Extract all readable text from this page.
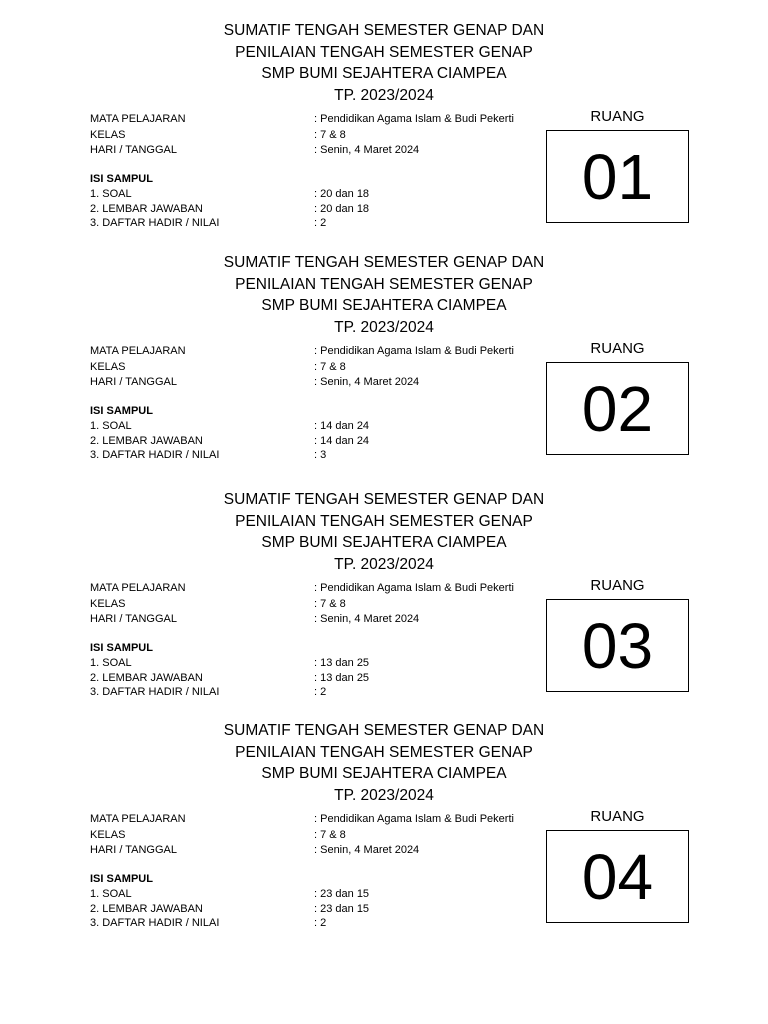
SUMATIF TENGAH SEMESTER GENAP DAN
PENILAIAN TENGAH SEMESTER GENAP
SMP BUMI SEJAHTERA CIAMPEA
TP. 2023/2024
MATA PELAJARAN	: Pendidikan Agama Islam & Budi Pekerti
KELAS	: 7 & 8
HARI / TANGGAL	: Senin, 4 Maret 2024
ISI SAMPUL
1. SOAL	: 20 dan 18
2. LEMBAR JAWABAN	: 20 dan 18
3. DAFTAR HADIR / NILAI	: 2
RUANG
01
SUMATIF TENGAH SEMESTER GENAP DAN
PENILAIAN TENGAH SEMESTER GENAP
SMP BUMI SEJAHTERA CIAMPEA
TP. 2023/2024
MATA PELAJARAN	: Pendidikan Agama Islam & Budi Pekerti
KELAS	: 7 & 8
HARI / TANGGAL	: Senin, 4 Maret 2024
ISI SAMPUL
1. SOAL	: 14 dan 24
2. LEMBAR JAWABAN	: 14 dan 24
3. DAFTAR HADIR / NILAI	: 3
RUANG
02
SUMATIF TENGAH SEMESTER GENAP DAN
PENILAIAN TENGAH SEMESTER GENAP
SMP BUMI SEJAHTERA CIAMPEA
TP. 2023/2024
MATA PELAJARAN	: Pendidikan Agama Islam & Budi Pekerti
KELAS	: 7 & 8
HARI / TANGGAL	: Senin, 4 Maret 2024
ISI SAMPUL
1. SOAL	: 13 dan 25
2. LEMBAR JAWABAN	: 13 dan 25
3. DAFTAR HADIR / NILAI	: 2
RUANG
03
SUMATIF TENGAH SEMESTER GENAP DAN
PENILAIAN TENGAH SEMESTER GENAP
SMP BUMI SEJAHTERA CIAMPEA
TP. 2023/2024
MATA PELAJARAN	: Pendidikan Agama Islam & Budi Pekerti
KELAS	: 7 & 8
HARI / TANGGAL	: Senin, 4 Maret 2024
ISI SAMPUL
1. SOAL	: 23 dan 15
2. LEMBAR JAWABAN	: 23 dan 15
3. DAFTAR HADIR / NILAI	: 2
RUANG
04
